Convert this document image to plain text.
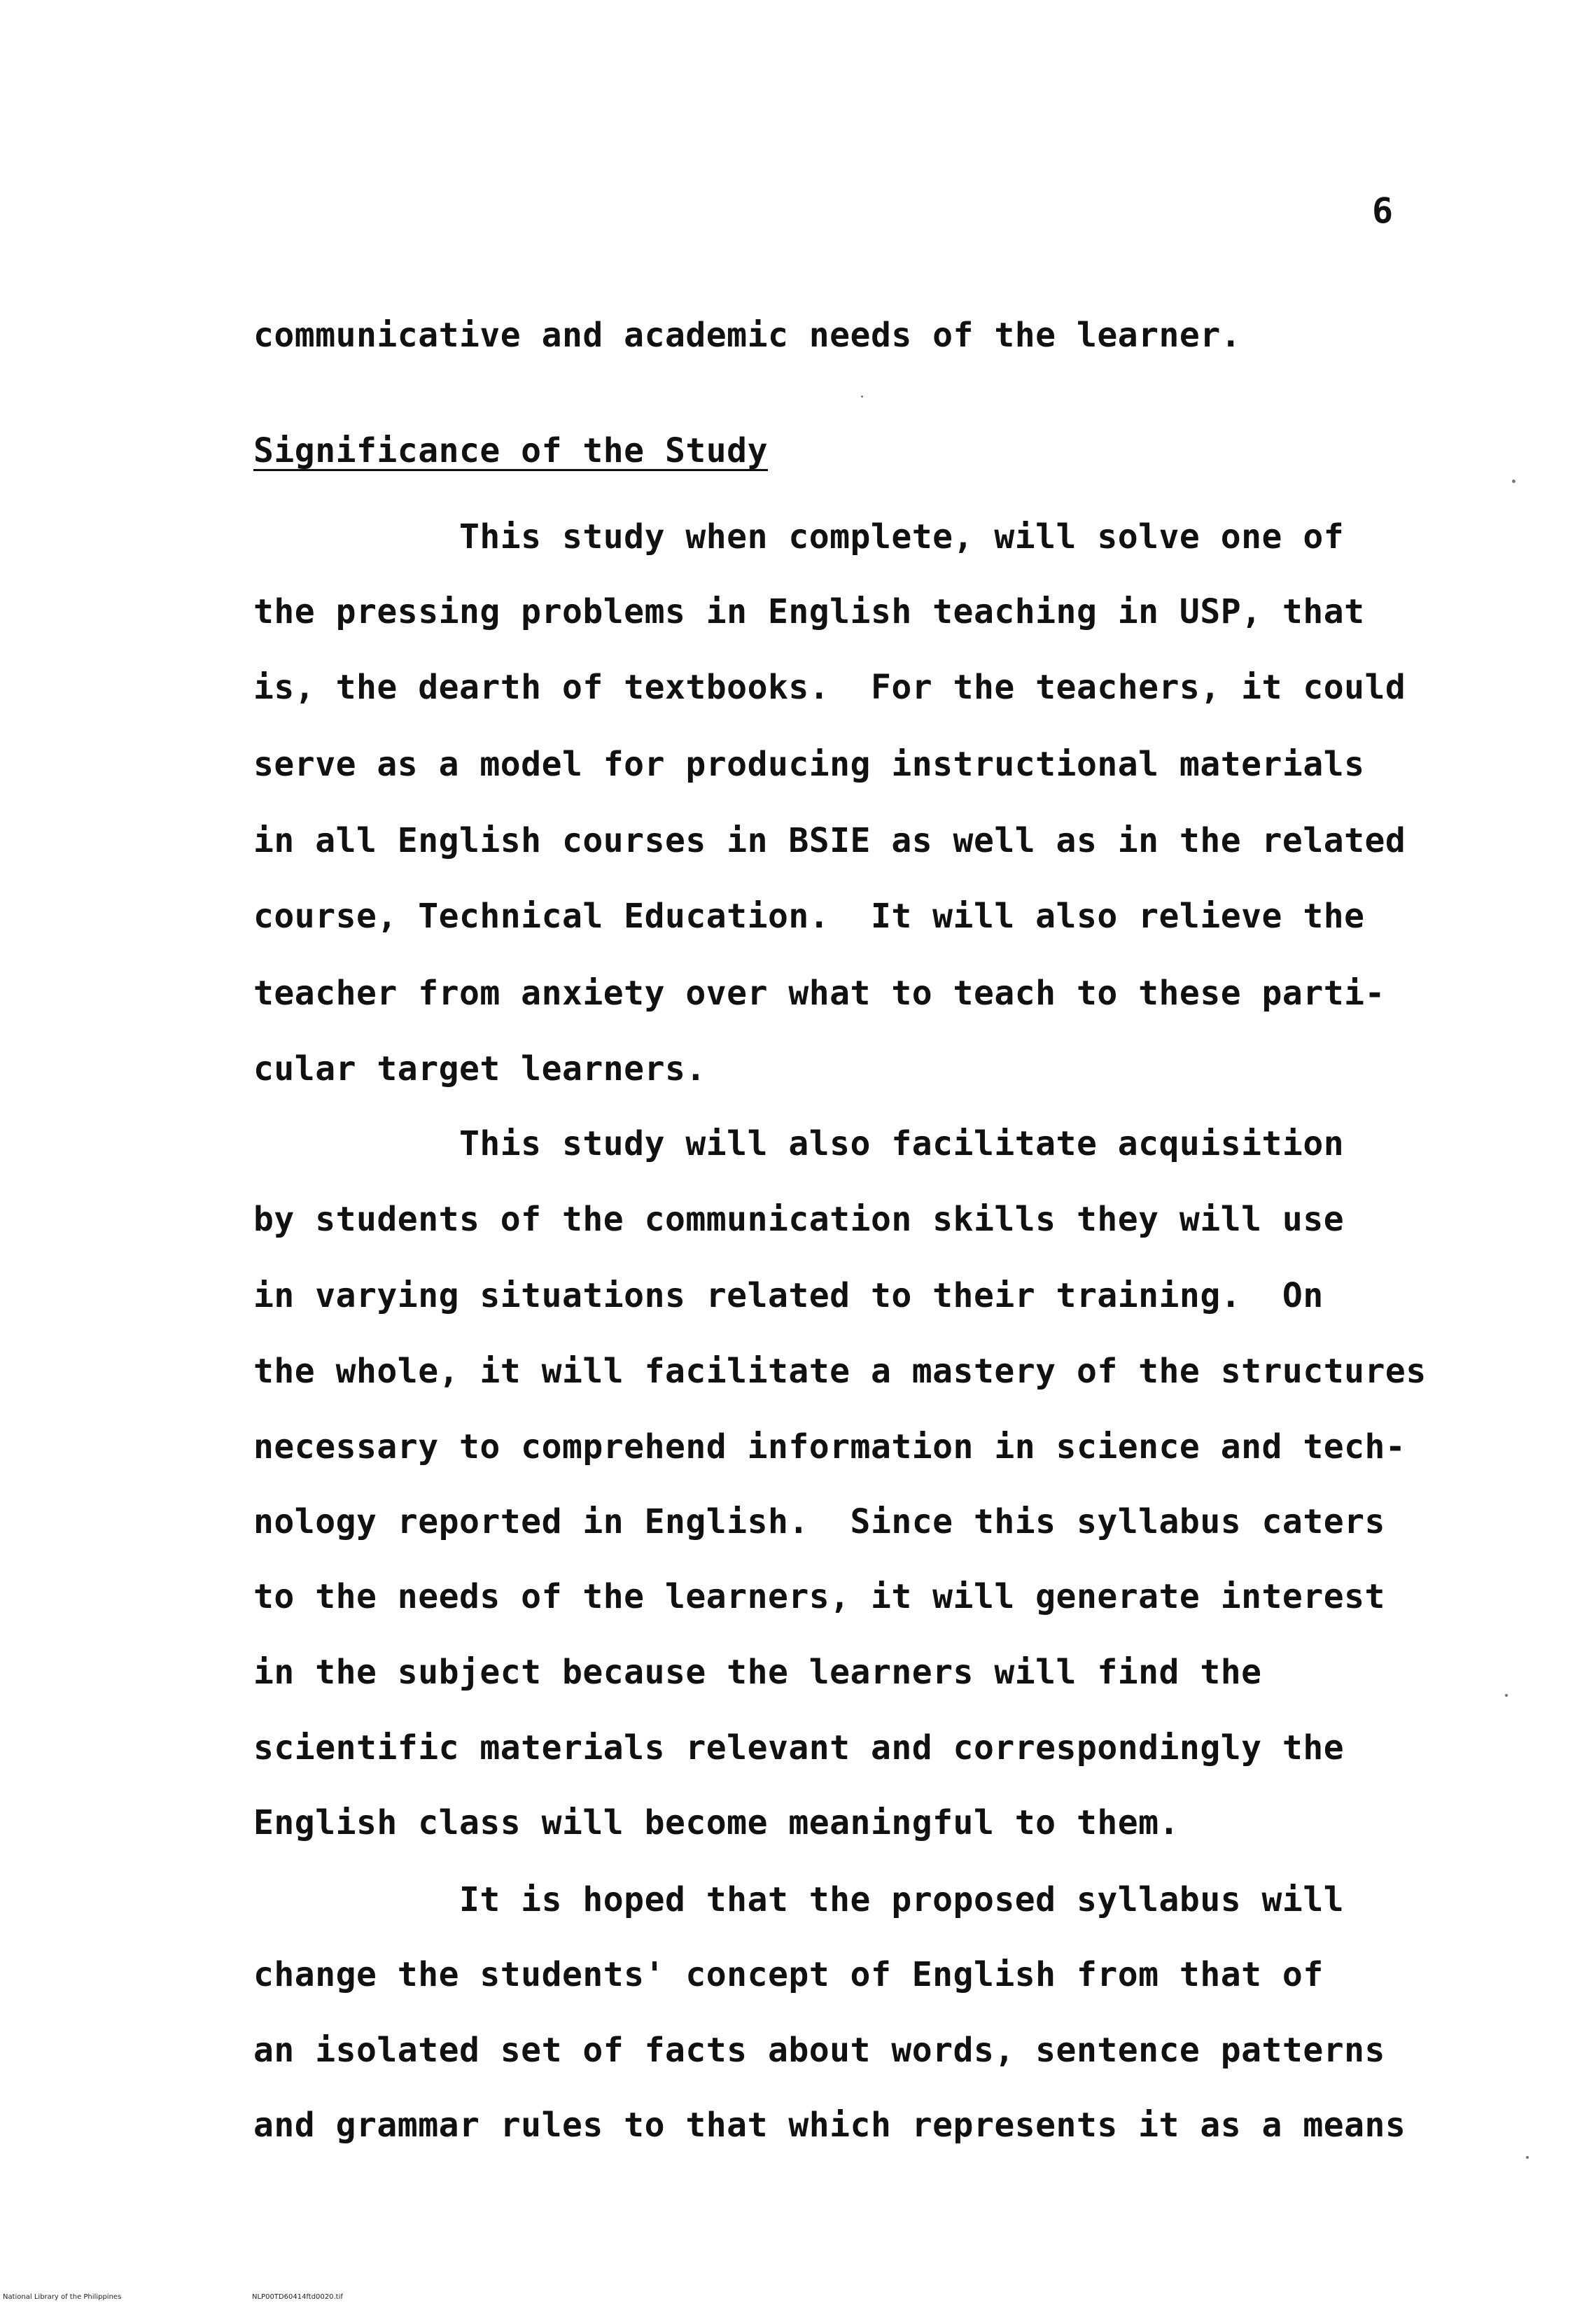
6
communicative and academic needs of the learner.
Significance of the Study
This study when complete, will solve one of
the pressing problems in English teaching in USP, that
is, the dearth of textbooks.  For the teachers, it could
serve as a model for producing instructional materials
in all English courses in BSIE as well as in the related
course, Technical Education.  It will also relieve the
teacher from anxiety over what to teach to these parti-
cular target learners.
This study will also facilitate acquisition
by students of the communication skills they will use
in varying situations related to their training.  On
the whole, it will facilitate a mastery of the structures
necessary to comprehend information in science and tech-
nology reported in English.  Since this syllabus caters
to the needs of the learners, it will generate interest
in the subject because the learners will find the
scientific materials relevant and correspondingly the
English class will become meaningful to them.
It is hoped that the proposed syllabus will
change the students' concept of English from that of
an isolated set of facts about words, sentence patterns
and grammar rules to that which represents it as a means
National Library of the Philippines	NLP00TD60414ftd0020.tif
